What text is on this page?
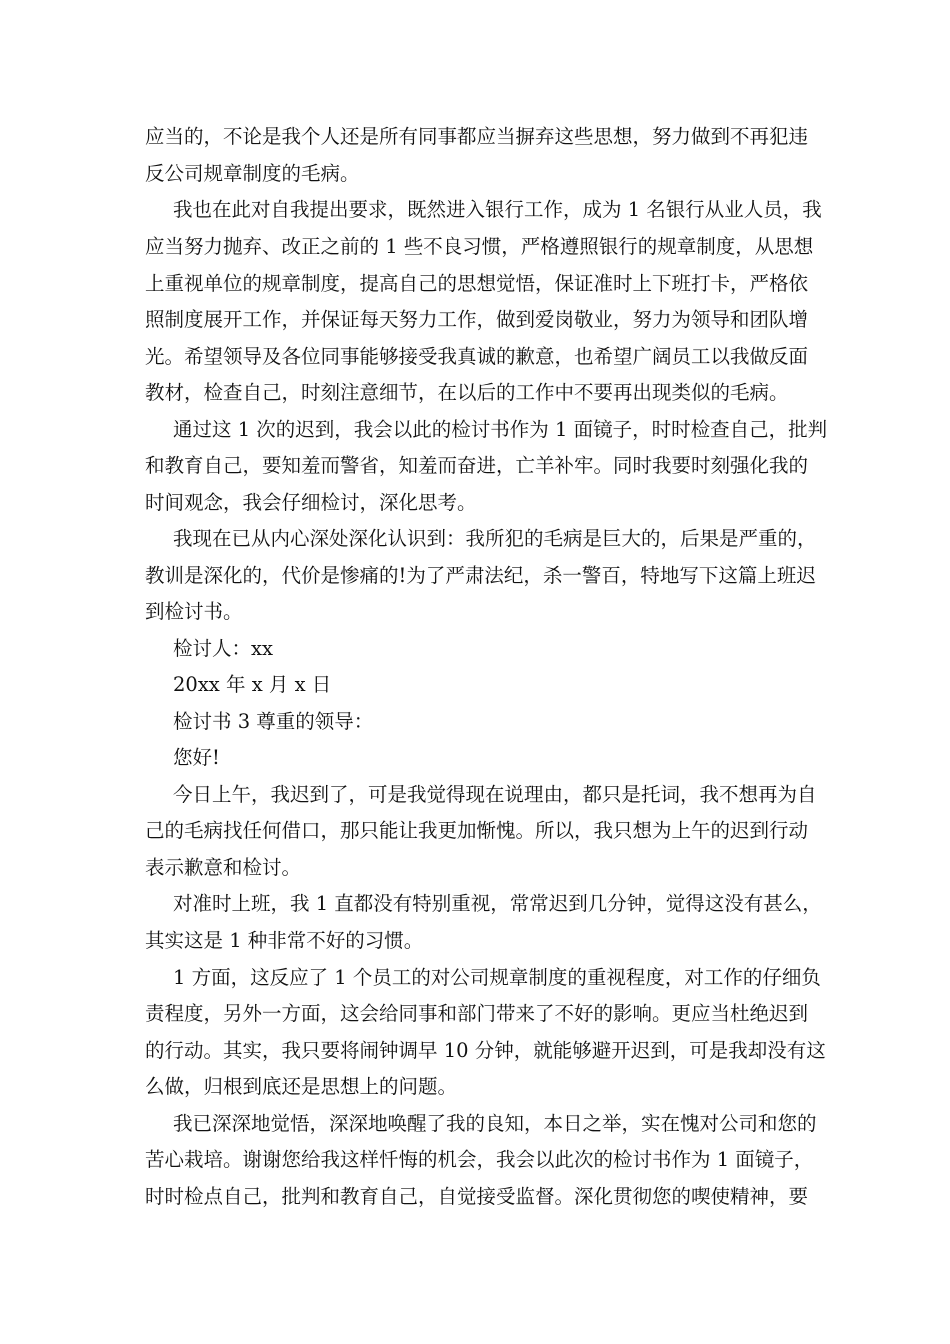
应当的，不论是我个人还是所有同事都应当摒弃这些思想，努力做到不再犯违
反公司规章制度的毛病。
我也在此对自我提出要求，既然进入银行工作，成为 1 名银行从业人员，我
应当努力抛弃、改正之前的 1 些不良习惯，严格遵照银行的规章制度，从思想
上重视单位的规章制度，提高自己的思想觉悟，保证准时上下班打卡，严格依
照制度展开工作，并保证每天努力工作，做到爱岗敬业，努力为领导和团队增
光。希望领导及各位同事能够接受我真诚的歉意，也希望广阔员工以我做反面
教材，检查自己，时刻注意细节，在以后的工作中不要再出现类似的毛病。
通过这 1 次的迟到，我会以此的检讨书作为 1 面镜子，时时检查自己，批判
和教育自己，要知羞而警省，知羞而奋进，亡羊补牢。同时我要时刻强化我的
时间观念，我会仔细检讨，深化思考。
我现在已从内心深处深化认识到：我所犯的毛病是巨大的，后果是严重的，
教训是深化的，代价是惨痛的!为了严肃法纪，杀一警百，特地写下这篇上班迟
到检讨书。
检讨人：xx
20xx 年 x 月 x 日
检讨书 3 尊重的领导：
您好!
今日上午，我迟到了，可是我觉得现在说理由，都只是托词，我不想再为自
己的毛病找任何借口，那只能让我更加惭愧。所以，我只想为上午的迟到行动
表示歉意和检讨。
对准时上班，我 1 直都没有特别重视，常常迟到几分钟，觉得这没有甚么，
其实这是 1 种非常不好的习惯。
1 方面，这反应了 1 个员工的对公司规章制度的重视程度，对工作的仔细负
责程度，另外一方面，这会给同事和部门带来了不好的影响。更应当杜绝迟到
的行动。其实，我只要将闹钟调早 10 分钟，就能够避开迟到，可是我却没有这
么做，归根到底还是思想上的问题。
我已深深地觉悟，深深地唤醒了我的良知，本日之举，实在愧对公司和您的
苦心栽培。谢谢您给我这样忏悔的机会，我会以此次的检讨书作为 1 面镜子，
时时检点自己，批判和教育自己，自觉接受监督。深化贯彻您的喫使精神，要
